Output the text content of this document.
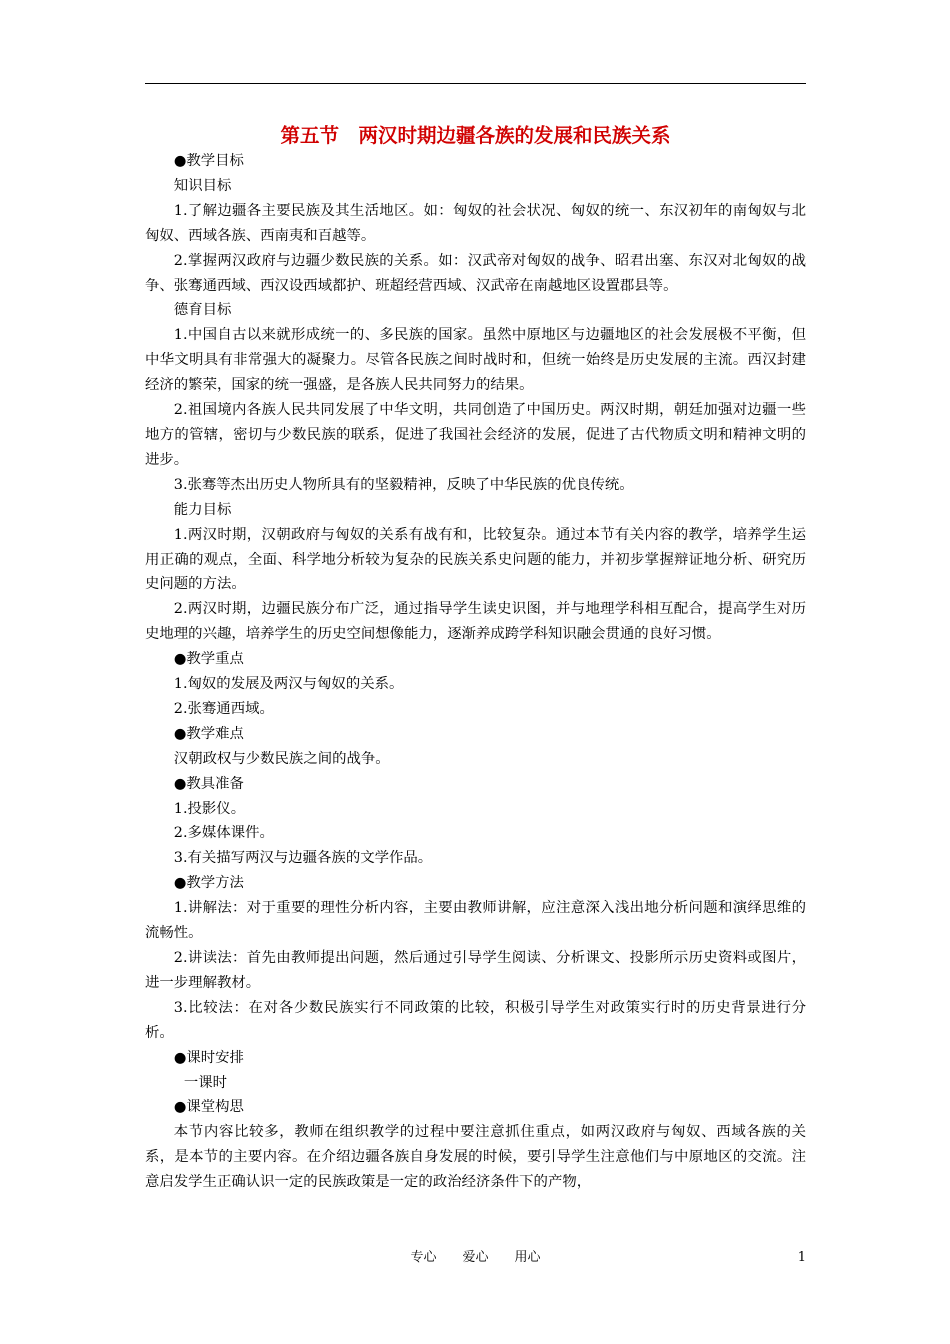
第五节　两汉时期边疆各族的发展和民族关系

●教学目标

知识目标

1.了解边疆各主要民族及其生活地区。如：匈奴的社会状况、匈奴的统一、东汉初年的南匈奴与北匈奴、西域各族、西南夷和百越等。

2.掌握两汉政府与边疆少数民族的关系。如：汉武帝对匈奴的战争、昭君出塞、东汉对北匈奴的战争、张骞通西域、西汉设西域都护、班超经营西域、汉武帝在南越地区设置郡县等。

德育目标

1.中国自古以来就形成统一的、多民族的国家。虽然中原地区与边疆地区的社会发展极不平衡，但中华文明具有非常强大的凝聚力。尽管各民族之间时战时和，但统一始终是历史发展的主流。西汉封建经济的繁荣，国家的统一强盛，是各族人民共同努力的结果。

2.祖国境内各族人民共同发展了中华文明，共同创造了中国历史。两汉时期，朝廷加强对边疆一些地方的管辖，密切与少数民族的联系，促进了我国社会经济的发展，促进了古代物质文明和精神文明的进步。

3.张骞等杰出历史人物所具有的坚毅精神，反映了中华民族的优良传统。

能力目标

1.两汉时期，汉朝政府与匈奴的关系有战有和，比较复杂。通过本节有关内容的教学，培养学生运用正确的观点，全面、科学地分析较为复杂的民族关系史问题的能力，并初步掌握辩证地分析、研究历史问题的方法。

2.两汉时期，边疆民族分布广泛，通过指导学生读史识图，并与地理学科相互配合，提高学生对历史地理的兴趣，培养学生的历史空间想像能力，逐渐养成跨学科知识融会贯通的良好习惯。

●教学重点

1.匈奴的发展及两汉与匈奴的关系。

2.张骞通西域。

●教学难点

汉朝政权与少数民族之间的战争。

●教具准备

1.投影仪。

2.多媒体课件。

3.有关描写两汉与边疆各族的文学作品。

●教学方法

1.讲解法：对于重要的理性分析内容，主要由教师讲解，应注意深入浅出地分析问题和演绎思维的流畅性。

2.讲读法：首先由教师提出问题，然后通过引导学生阅读、分析课文、投影所示历史资料或图片，进一步理解教材。

3.比较法：在对各少数民族实行不同政策的比较，积极引导学生对政策实行时的历史背景进行分析。

●课时安排

一课时

●课堂构思

本节内容比较多，教师在组织教学的过程中要注意抓住重点，如两汉政府与匈奴、西域各族的关系，是本节的主要内容。在介绍边疆各族自身发展的时候，要引导学生注意他们与中原地区的交流。注意启发学生正确认识一定的民族政策是一定的政治经济条件下的产物，

专心　　爱心　　用心	1
